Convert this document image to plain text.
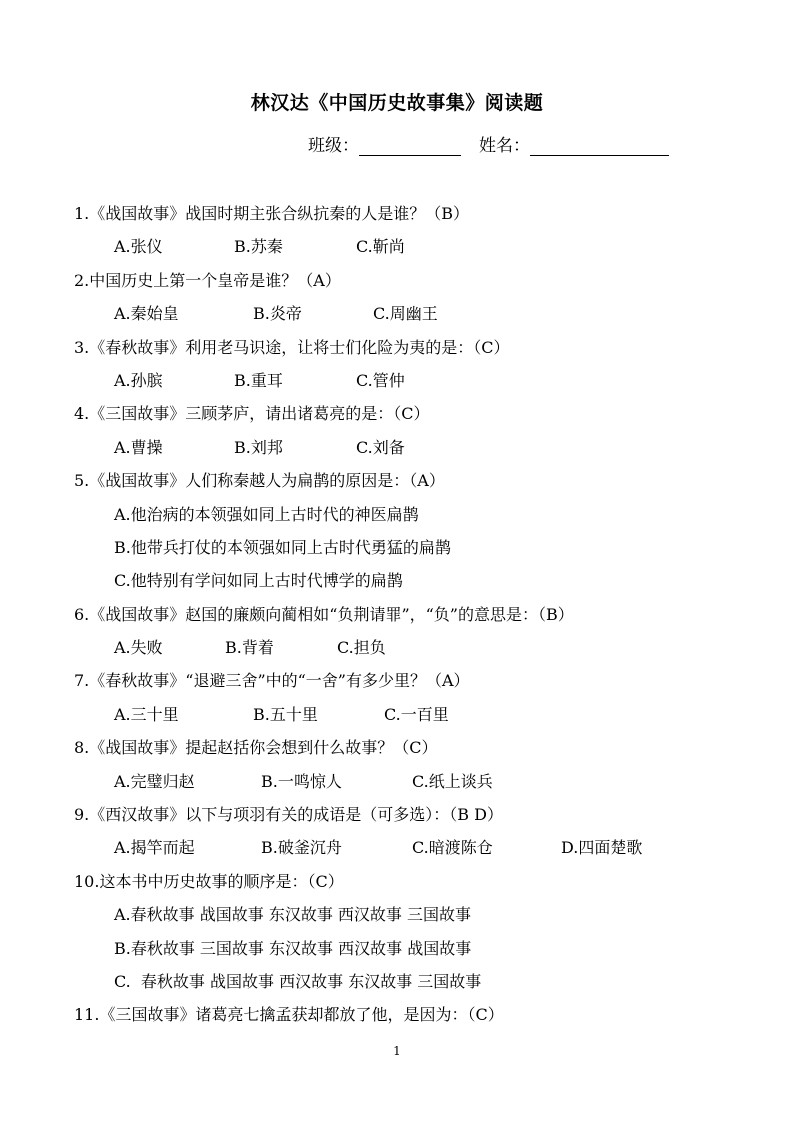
林汉达《中国历史故事集》阅读题
班级：	姓名：
1.《战国故事》战国时期主张合纵抗秦的人是谁？（B）
A.张仪	B.苏秦	C.靳尚
2.中国历史上第一个皇帝是谁？（A）
A.秦始皇	B.炎帝	C.周幽王
3.《春秋故事》利用老马识途，让将士们化险为夷的是：（C）
A.孙膑	B.重耳	C.管仲
4.《三国故事》三顾茅庐，请出诸葛亮的是：（C）
A.曹操	B.刘邦	C.刘备
5.《战国故事》人们称秦越人为扁鹊的原因是：（A）
A.他治病的本领强如同上古时代的神医扁鹊
B.他带兵打仗的本领强如同上古时代勇猛的扁鹊
C.他特别有学问如同上古时代博学的扁鹊
6.《战国故事》赵国的廉颇向蔺相如“负荆请罪”，“负”的意思是：（B）
A.失败	B.背着	C.担负
7.《春秋故事》“退避三舍”中的“一舍”有多少里？（A）
A.三十里	B.五十里	C.一百里
8.《战国故事》提起赵括你会想到什么故事？（C）
A.完璧归赵	B.一鸣惊人	C.纸上谈兵
9.《西汉故事》以下与项羽有关的成语是（可多选）：（B D）
A.揭竿而起	B.破釜沉舟	C.暗渡陈仓	D.四面楚歌
10.这本书中历史故事的顺序是：（C）
A.春秋故事 战国故事 东汉故事 西汉故事 三国故事
B.春秋故事 三国故事 东汉故事 西汉故事 战国故事
C.  春秋故事 战国故事 西汉故事 东汉故事 三国故事
11.《三国故事》诸葛亮七擒孟获却都放了他，是因为：（C）
1
